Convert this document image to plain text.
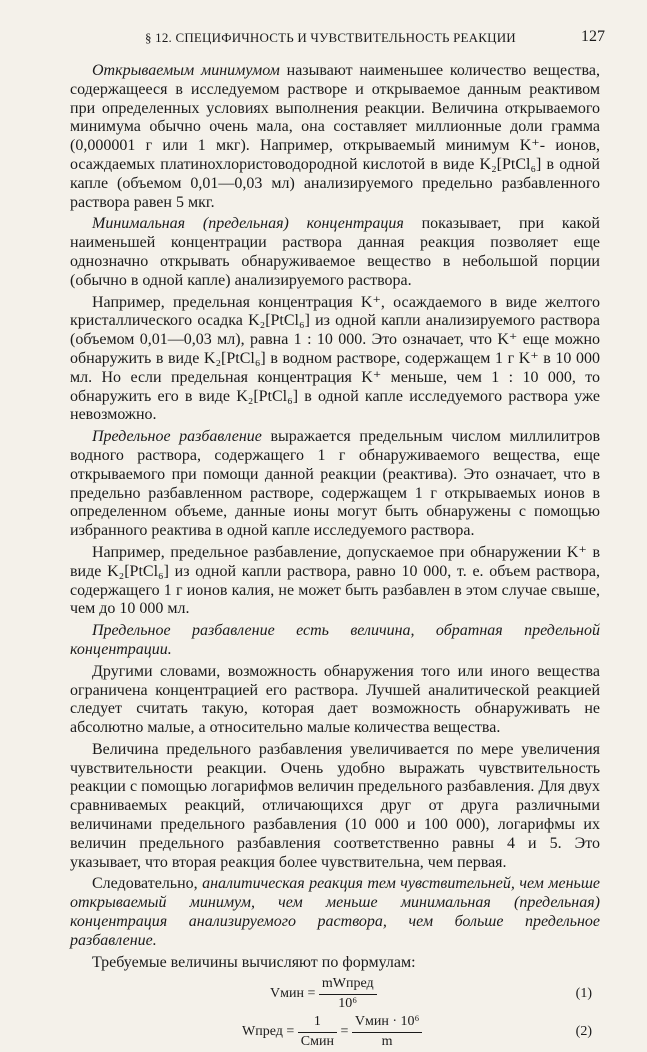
§ 12. СПЕЦИФИЧНОСТЬ И ЧУВСТВИТЕЛЬНОСТЬ РЕАКЦИИ	127

Открываемым минимумом называют наименьшее количество вещества, содержащееся в исследуемом растворе и открываемое данным реактивом при определенных условиях выполнения реакции. Величина открываемого минимума обычно очень мала, она составляет миллионные доли грамма (0,000001 г или 1 мкг). Например, открываемый минимум K⁺- ионов, осаждаемых платинохлористоводородной кислотой в виде K₂[PtCl₆] в одной капле (объемом 0,01—0,03 мл) анализируемого предельно разбавленного раствора равен 5 мкг.

Минимальная (предельная) концентрация показывает, при какой наименьшей концентрации раствора данная реакция позволяет еще однозначно открывать обнаруживаемое вещество в небольшой порции (обычно в одной капле) анализируемого раствора.

Например, предельная концентрация K⁺, осаждаемого в виде желтого кристаллического осадка K₂[PtCl₆] из одной капли анализируемого раствора (объемом 0,01—0,03 мл), равна 1 : 10 000. Это означает, что K⁺ еще можно обнаружить в виде K₂[PtCl₆] в водном растворе, содержащем 1 г K⁺ в 10 000 мл. Но если предельная концентрация K⁺ меньше, чем 1 : 10 000, то обнаружить его в виде K₂[PtCl₆] в одной капле исследуемого раствора уже невозможно.

Предельное разбавление выражается предельным числом миллилитров водного раствора, содержащего 1 г обнаруживаемого вещества, еще открываемого при помощи данной реакции (реактива). Это означает, что в предельно разбавленном растворе, содержащем 1 г открываемых ионов в определенном объеме, данные ионы могут быть обнаружены с помощью избранного реактива в одной капле исследуемого раствора.

Например, предельное разбавление, допускаемое при обнаружении K⁺ в виде K₂[PtCl₆] из одной капли раствора, равно 10 000, т. е. объем раствора, содержащего 1 г ионов калия, не может быть разбавлен в этом случае свыше, чем до 10 000 мл.

Предельное разбавление есть величина, обратная предельной концентрации.

Другими словами, возможность обнаружения того или иного вещества ограничена концентрацией его раствора. Лучшей аналитической реакцией следует считать такую, которая дает возможность обнаруживать не абсолютно малые, а относительно малые количества вещества.

Величина предельного разбавления увеличивается по мере увеличения чувствительности реакции. Очень удобно выражать чувствительность реакции с помощью логарифмов величин предельного разбавления. Для двух сравниваемых реакций, отличающихся друг от друга различными величинами предельного разбавления (10 000 и 100 000), логарифмы их величин предельного разбавления соответственно равны 4 и 5. Это указывает, что вторая реакция более чувствительна, чем первая.

Следовательно, аналитическая реакция тем чувствительней, чем меньше открываемый минимум, чем меньше минимальная (предельная) концентрация анализируемого раствора, чем больше предельное разбавление.

Требуемые величины вычисляют по формулам:

Vмин = $\frac{\text{mWпред}}{\text{10⁶}}$	(1)
Wпред = $\frac{1}{\text{Cмин}} = \frac{\text{Vмин · 10⁶}}{m}$	(2)
